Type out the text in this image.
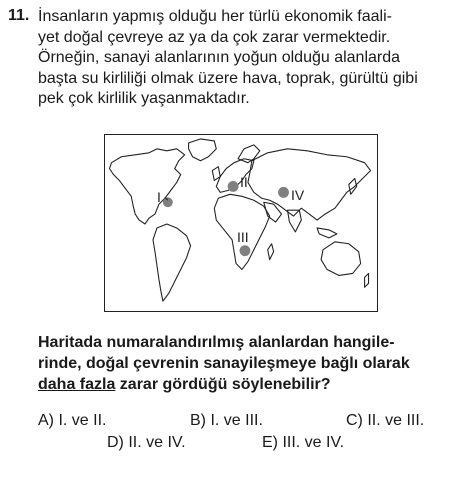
11. İnsanların yapmış olduğu her türlü ekonomik faali-
yet doğal çevreye az ya da çok zarar vermektedir.
Örneğin, sanayi alanlarının yoğun olduğu alanlarda
başta su kirliliği olmak üzere hava, toprak, gürültü gibi
pek çok kirlilik yaşanmaktadır.
I
II
IV
III
Haritada numaralandırılmış alanlardan hangile-
rinde, doğal çevrenin sanayileşmeye bağlı olarak
daha fazla zarar gördüğü söylenebilir?
A) I. ve II.	B) I. ve III.	C) II. ve III.
D) II. ve IV.	E) III. ve IV.
